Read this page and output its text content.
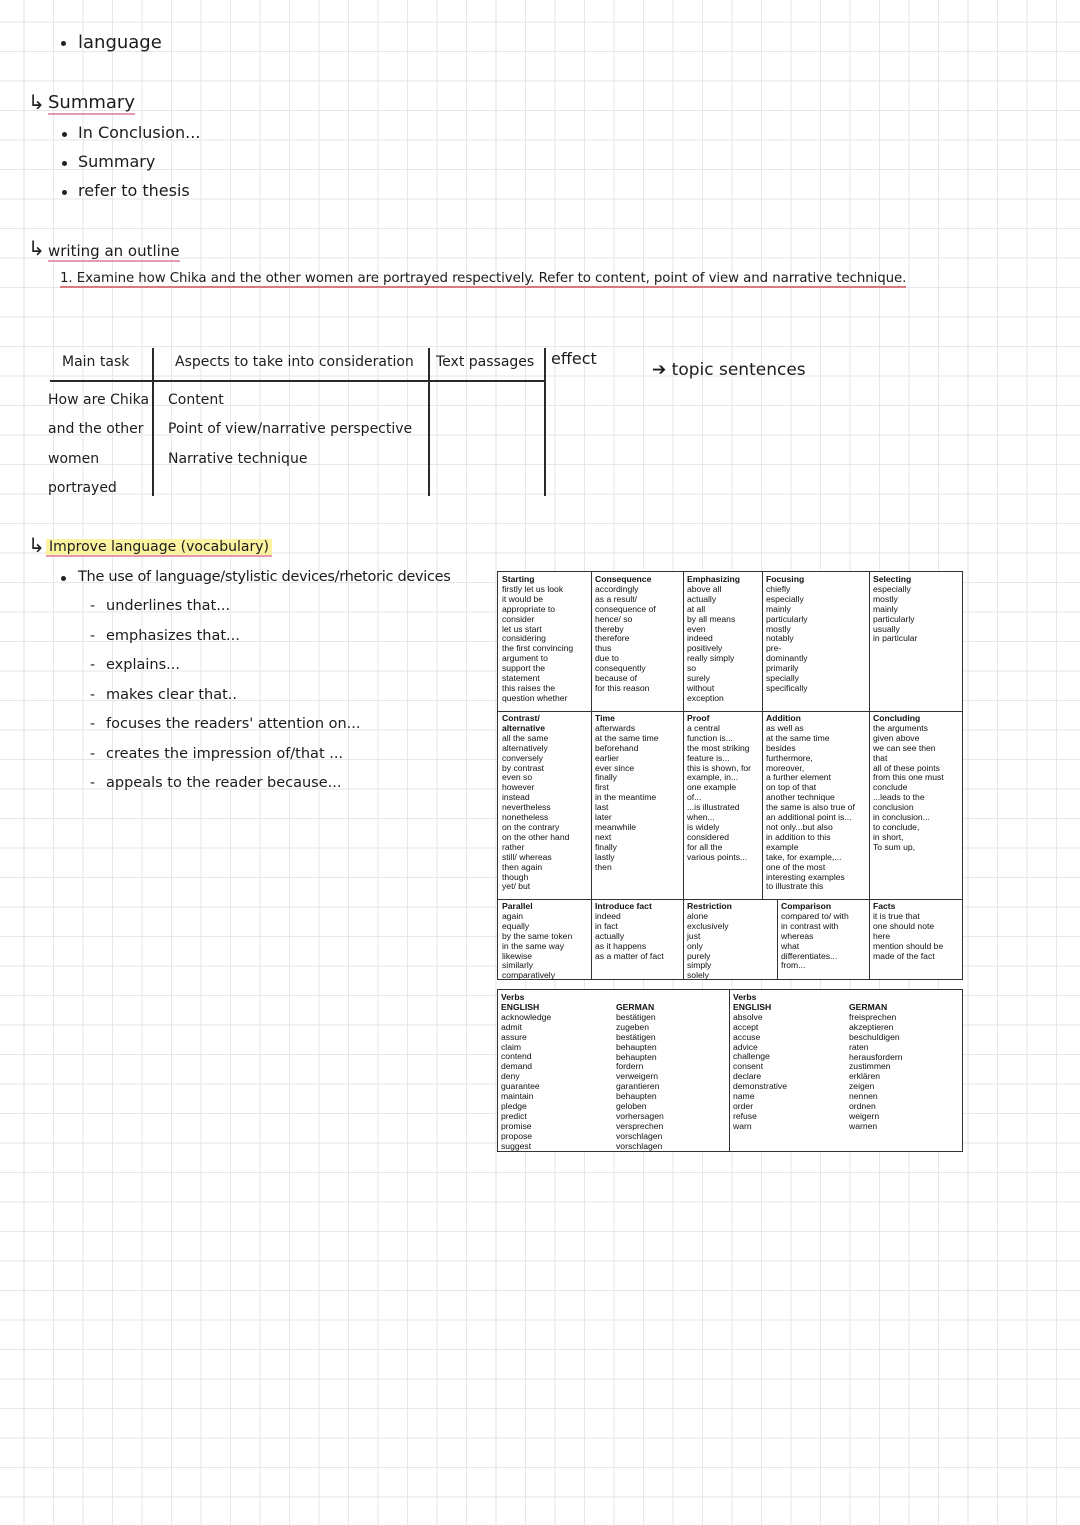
language
↳ Summary
In Conclusion...
Summary
refer to thesis
↳ writing an outline
1. Examine how Chika and the other women are portrayed respectively. Refer to content, point of view and narrative technique.
Main task	Aspects to take into consideration Text passages effect
➔ topic sentences
How are Chika
and the other
women
portrayed
Content
Point of view/narrative perspective
Narrative technique
↳ Improve language (vocabulary)
The use of language/stylistic devices/rhetoric devices
- underlines that...
- emphasizes that...
- explains...
- makes clear that..
- focuses the readers' attention on...
- creates the impression of/that ...
- appeals to the reader because...
Starting
firstly let us look
it would be
appropriate to
consider
let us start
considering
the first convincing
argument to
support the
statement
this raises the
question whether
Consequence
accordingly
as a result/
consequence of
hence/ so
thereby
therefore
thus
due to
consequently
because of
for this reason
Emphasizing
above all
actually
at all
by all means
even
indeed
positively
really simply
so
surely
without
exception
Focusing
chiefly
especially
mainly
particularly
mostly
notably
pre-
dominantly
primarily
specially
specifically
Selecting
especially
mostly
mainly
particularly
usually
in particular
Contrast/
alternative
all the same
alternatively
conversely
by contrast
even so
however
instead
nevertheless
nonetheless
on the contrary
on the other hand
rather
still/ whereas
then again
though
yet/ but
Time
afterwards
at the same time
beforehand
earlier
ever since
finally
first
in the meantime
last
later
meanwhile
next
finally
lastly
then
Proof
a central
function is...
the most striking
feature is...
this is shown, for
example, in...
one example
of...
...is illustrated
when...
is widely
considered
for all the
various points...
Addition
as well as
at the same time
besides
furthermore,
moreover,
a further element
on top of that
another technique
the same is also true of
an additional point is...
not only...but also
in addition to this
example
take, for example,...
one of the most
interesting examples
to illustrate this
Concluding
the arguments
given above
we can see then
that
all of these points
from this one must
conclude
...leads to the
conclusion
in conclusion...
to conclude,
in short,
To sum up,
Parallel
again
equally
by the same token
in the same way
likewise
similarly
comparatively
Introduce fact
indeed
in fact
actually
as it happens
as a matter of fact
Restriction
alone
exclusively
just
only
purely
simply
solely
Comparison
compared to/ with
in contrast with
whereas
what
differentiates...
from...
Facts
it is true that
one should note
here
mention should be
made of the fact
Verbs
ENGLISH
acknowledge
admit
assure
claim
contend
demand
deny
guarantee
maintain
pledge
predict
promise
propose
suggest
GERMAN
bestätigen
zugeben
bestätigen
behaupten
behaupten
fordern
verweigern
garantieren
behaupten
geloben
vorhersagen
versprechen
vorschlagen
vorschlagen
Verbs
ENGLISH
absolve
accept
accuse
advice
challenge
consent
declare
demonstrative
name
order
refuse
warn
GERMAN
freisprechen
akzeptieren
beschuldigen
raten
herausfordern
zustimmen
erklären
zeigen
nennen
ordnen
weigern
warnen
